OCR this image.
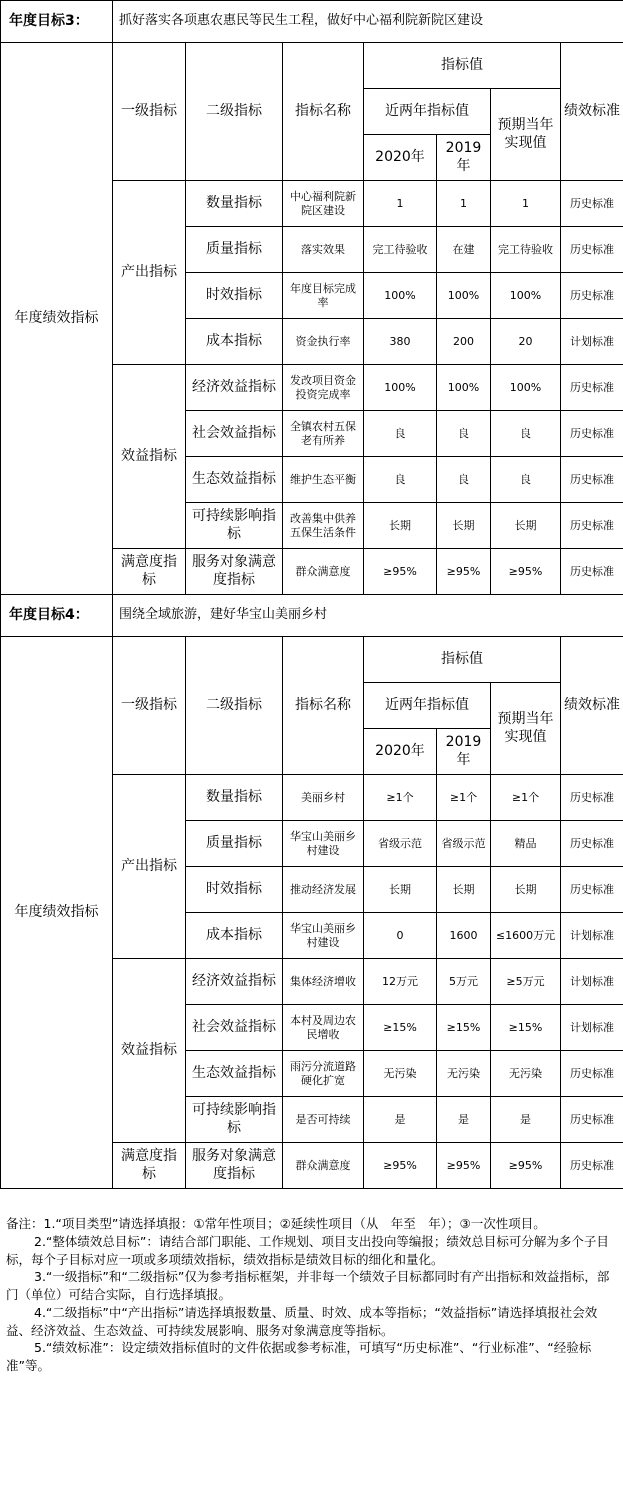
年度目标3：	抓好落实各项惠农惠民等民生工程，做好中心福利院新院区建设						
年度绩效指标	一级指标	二级指标	指标名称	指标值			绩效标准
				近两年指标值		预期当年实现值	
				2020年	2019年		
	产出指标	数量指标	中心福利院新院区建设	1	1	1	历史标准
		质量指标	落实效果	完工待验收	在建	完工待验收	历史标准
		时效指标	年度目标完成率	100%	100%	100%	历史标准
		成本指标	资金执行率	380	200	20	计划标准
	效益指标	经济效益指标	发改项目资金投资完成率	100%	100%	100%	历史标准
		社会效益指标	全镇农村五保老有所养	良	良	良	历史标准
		生态效益指标	维护生态平衡	良	良	良	历史标准
		可持续影响指标	改善集中供养五保生活条件	长期	长期	长期	历史标准
	满意度指标	服务对象满意度指标	群众满意度	≥95%	≥95%	≥95%	历史标准
年度目标4：	围绕全域旅游，建好华宝山美丽乡村						
年度绩效指标	一级指标	二级指标	指标名称	指标值			绩效标准
				近两年指标值		预期当年实现值	
				2020年	2019年		
	产出指标	数量指标	美丽乡村	≥1个	≥1个	≥1个	历史标准
		质量指标	华宝山美丽乡村建设	省级示范	省级示范	精品	历史标准
		时效指标	推动经济发展	长期	长期	长期	历史标准
		成本指标	华宝山美丽乡村建设	0	1600	≤1600万元	计划标准
	效益指标	经济效益指标	集体经济增收	12万元	5万元	≥5万元	计划标准
		社会效益指标	本村及周边农民增收	≥15%	≥15%	≥15%	计划标准
		生态效益指标	雨污分流道路硬化扩宽	无污染	无污染	无污染	历史标准
		可持续影响指标	是否可持续	是	是	是	历史标准
	满意度指标	服务对象满意度指标	群众满意度	≥95%	≥95%	≥95%	历史标准

备注：1.“项目类型”请选择填报：①常年性项目；②延续性项目（从　年至　年）；③一次性项目。

2.“整体绩效总目标”：请结合部门职能、工作规划、项目支出投向等编报；绩效总目标可分解为多个子目标，每个子目标对应一项或多项绩效指标，绩效指标是绩效目标的细化和量化。

3.“一级指标”和“二级指标”仅为参考指标框架，并非每一个绩效子目标都同时有产出指标和效益指标，部门（单位）可结合实际，自行选择填报。

4.“二级指标”中“产出指标”请选择填报数量、质量、时效、成本等指标；“效益指标”请选择填报社会效益、经济效益、生态效益、可持续发展影响、服务对象满意度等指标。

5.“绩效标准”：设定绩效指标值时的文件依据或参考标准，可填写“历史标准”、“行业标准”、“经验标准”等。
